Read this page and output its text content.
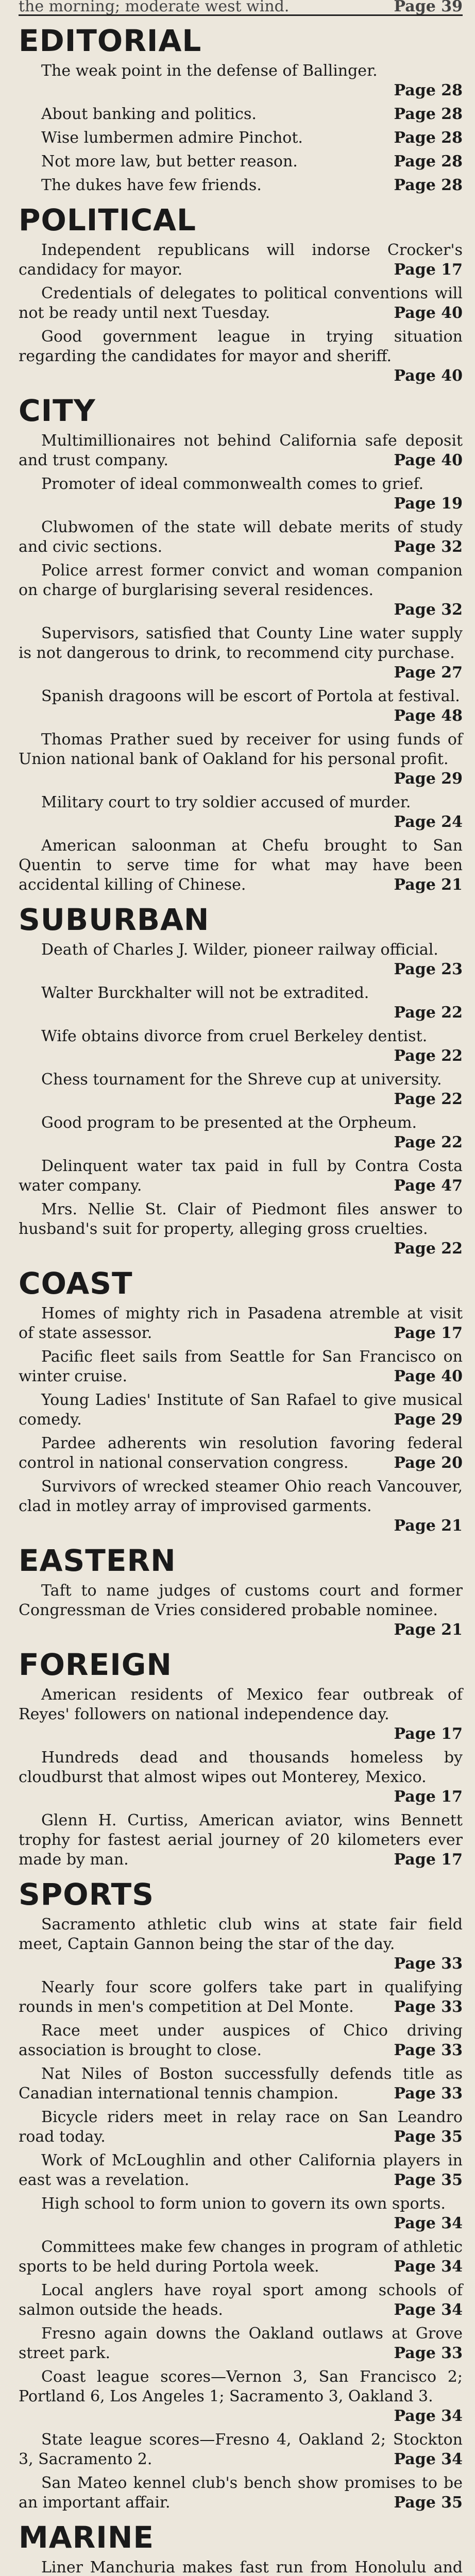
Page 39
the morning; moderate west wind.
EDITORIAL
The weak point in the defense of Ballinger.
Page 28
About banking and politics.	Page 28
Wise lumbermen admire Pinchot.	Page 28
Not more law, but better reason.	Page 28
The dukes have few friends.	Page 28
POLITICAL
Independent republicans will indorse Crocker's candidacy for mayor.	Page 17
Credentials of delegates to political conventions will not be ready until next Tuesday.	Page 40
Good government league in trying situation regarding the candidates for mayor and sheriff.
Page 40
CITY
Multimillionaires not behind California safe deposit and trust company.	Page 40
Promoter of ideal commonwealth comes to grief.
Page 19
Clubwomen of the state will debate merits of study and civic sections.	Page 32
Police arrest former convict and woman companion on charge of burglarising several residences.
Page 32
Supervisors, satisfied that County Line water supply is not dangerous to drink, to recommend city purchase.
Page 27
Spanish dragoons will be escort of Portola at festival.
Page 48
Thomas Prather sued by receiver for using funds of Union national bank of Oakland for his personal profit.
Page 29
Military court to try soldier accused of murder.
Page 24
American saloonman at Chefu brought to San Quentin to serve time for what may have been accidental killing of Chinese.	Page 21
SUBURBAN
Death of Charles J. Wilder, pioneer railway official.
Page 23
Walter Burckhalter will not be extradited.
Page 22
Wife obtains divorce from cruel Berkeley dentist.
Page 22
Chess tournament for the Shreve cup at university.
Page 22
Good program to be presented at the Orpheum.
Page 22
Delinquent water tax paid in full by Contra Costa water company.	Page 47
Mrs. Nellie St. Clair of Piedmont files answer to husband's suit for property, alleging gross cruelties.
Page 22
COAST
Homes of mighty rich in Pasadena atremble at visit of state assessor.	Page 17
Pacific fleet sails from Seattle for San Francisco on winter cruise.	Page 40
Young Ladies' Institute of San Rafael to give musical comedy.	Page 29
Pardee adherents win resolution favoring federal control in national conservation congress.	Page 20
Survivors of wrecked steamer Ohio reach Vancouver, clad in motley array of improvised garments.
Page 21
EASTERN
Taft to name judges of customs court and former Congressman de Vries considered probable nominee.
Page 21
FOREIGN
American residents of Mexico fear outbreak of Reyes' followers on national independence day.
Page 17
Hundreds dead and thousands homeless by cloudburst that almost wipes out Monterey, Mexico.
Page 17
Glenn H. Curtiss, American aviator, wins Bennett trophy for fastest aerial journey of 20 kilometers ever made by man.	Page 17
SPORTS
Sacramento athletic club wins at state fair field meet, Captain Gannon being the star of the day.
Page 33
Nearly four score golfers take part in qualifying rounds in men's competition at Del Monte.	Page 33
Race meet under auspices of Chico driving association is brought to close.	Page 33
Nat Niles of Boston successfully defends title as Canadian international tennis champion.	Page 33
Bicycle riders meet in relay race on San Leandro road today.	Page 35
Work of McLoughlin and other California players in east was a revelation.	Page 35
High school to form union to govern its own sports.
Page 34
Committees make few changes in program of athletic sports to be held during Portola week.	Page 34
Local anglers have royal sport among schools of salmon outside the heads.	Page 34
Fresno again downs the Oakland outlaws at Grove street park.	Page 33
Coast league scores—Vernon 3, San Francisco 2; Portland 6, Los Angeles 1; Sacramento 3, Oakland 3.
Page 34
State league scores—Fresno 4, Oakland 2; Stockton 3, Sacramento 2.	Page 34
San Mateo kennel club's bench show promises to be an important affair.	Page 35
MARINE
Liner Manchuria makes fast run from Honolulu and
